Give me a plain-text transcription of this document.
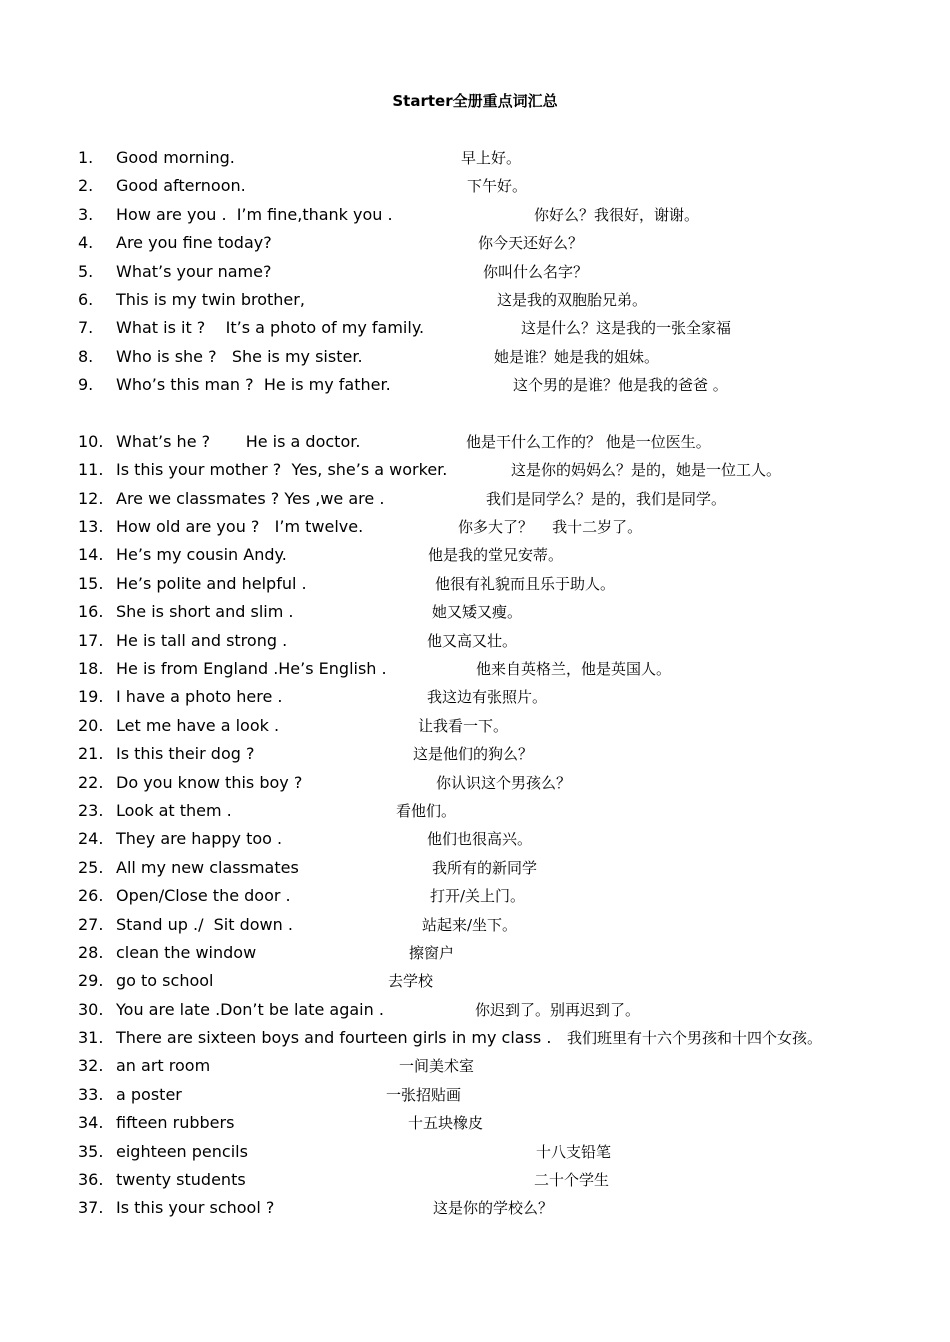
Starter全册重点词汇总
1. Good morning.	早上好。
2. Good afternoon.	下午好。
3. How are you .  I’m fine,thank you .	你好么？我很好，谢谢。
4. Are you fine today?	你今天还好么？
5. What’s your name?	你叫什么名字？
6. This is my twin brother,	这是我的双胞胎兄弟。
7. What is it ?    It’s a photo of my family.	这是什么？这是我的一张全家福
8. Who is she ?   She is my sister.	她是谁？她是我的姐妹。
9. Who’s this man ?  He is my father.	这个男的是谁？他是我的爸爸 。
10. What’s he ?       He is a doctor.	他是干什么工作的？ 他是一位医生。
11. Is this your mother ?  Yes, she’s a worker.	这是你的妈妈么？是的，她是一位工人。
12. Are we classmates ? Yes ,we are .	我们是同学么？是的，我们是同学。
13. How old are you ?   I’m twelve.	你多大了？    我十二岁了。
14. He’s my cousin Andy.	他是我的堂兄安蒂。
15. He’s polite and helpful .	他很有礼貌而且乐于助人。
16. She is short and slim .	她又矮又瘦。
17. He is tall and strong .	他又高又壮。
18. He is from England .He’s English .	他来自英格兰，他是英国人。
19. I have a photo here .	我这边有张照片。
20. Let me have a look .	让我看一下。
21. Is this their dog ?	这是他们的狗么？
22. Do you know this boy ?	你认识这个男孩么？
23. Look at them .	看他们。
24. They are happy too .	他们也很高兴。
25. All my new classmates	我所有的新同学
26. Open/Close the door .	打开/关上门。
27. Stand up ./  Sit down .	站起来/坐下。
28. clean the window	擦窗户
29. go to school	去学校
30. You are late .Don’t be late again .	你迟到了。别再迟到了。
31. There are sixteen boys and fourteen girls in my class . 我们班里有十六个男孩和十四个女孩。
32. an art room	一间美术室
33. a poster	一张招贴画
34. fifteen rubbers	十五块橡皮
35. eighteen pencils	十八支铅笔
36. twenty students	二十个学生
37. Is this your school ?	这是你的学校么？
